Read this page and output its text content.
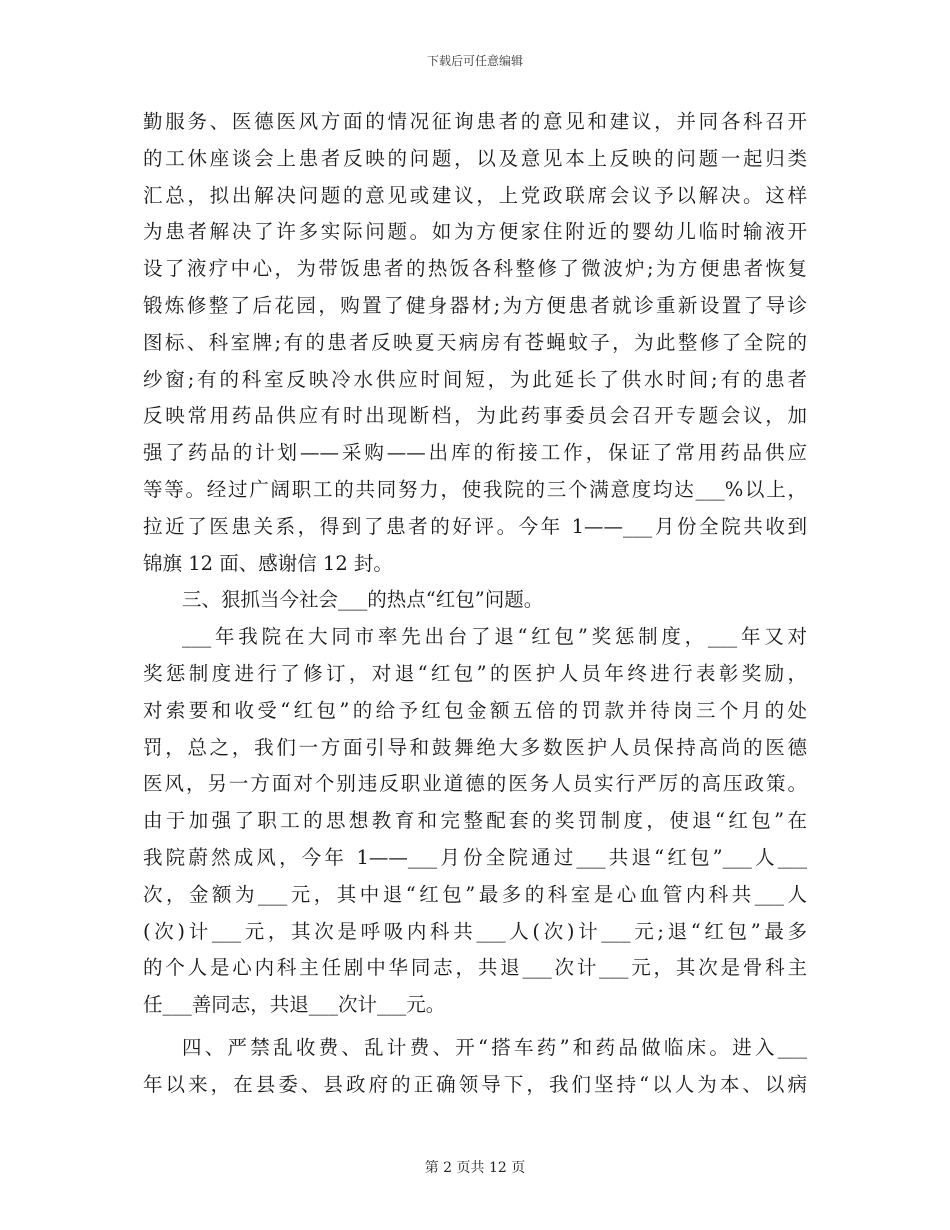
下载后可任意编辑
勤服务、医德医风方面的情况征询患者的意见和建议，并同各科召开
的工休座谈会上患者反映的问题，以及意见本上反映的问题一起归类
汇总，拟出解决问题的意见或建议，上党政联席会议予以解决。这样
为患者解决了许多实际问题。如为方便家住附近的婴幼儿临时输液开
设了液疗中心，为带饭患者的热饭各科整修了微波炉;为方便患者恢复
锻炼修整了后花园，购置了健身器材;为方便患者就诊重新设置了导诊
图标、科室牌;有的患者反映夏天病房有苍蝇蚊子，为此整修了全院的
纱窗;有的科室反映冷水供应时间短，为此延长了供水时间;有的患者
反映常用药品供应有时出现断档，为此药事委员会召开专题会议，加
强了药品的计划——采购——出库的衔接工作，保证了常用药品供应
等等。经过广阔职工的共同努力，使我院的三个满意度均达___%以上，
拉近了医患关系，得到了患者的好评。今年 1——___月份全院共收到
锦旗 12 面、感谢信 12 封。
三、狠抓当今社会___的热点“红包”问题。
___年我院在大同市率先出台了退“红包”奖惩制度，___年又对
奖惩制度进行了修订，对退“红包”的医护人员年终进行表彰奖励，
对索要和收受“红包”的给予红包金额五倍的罚款并待岗三个月的处
罚，总之，我们一方面引导和鼓舞绝大多数医护人员保持高尚的医德
医风，另一方面对个别违反职业道德的医务人员实行严厉的高压政策。
由于加强了职工的思想教育和完整配套的奖罚制度，使退“红包”在
我院蔚然成风，今年 1——___月份全院通过___共退“红包”___人___
次，金额为___元，其中退“红包”最多的科室是心血管内科共___人
(次)计___元，其次是呼吸内科共___人(次)计___元;退“红包”最多
的个人是心内科主任剧中华同志，共退___次计___元，其次是骨科主
任___善同志，共退___次计___元。
四、严禁乱收费、乱计费、开“搭车药”和药品做临床。进入___
年以来，在县委、县政府的正确领导下，我们坚持“以人为本、以病
第 2 页共 12 页
